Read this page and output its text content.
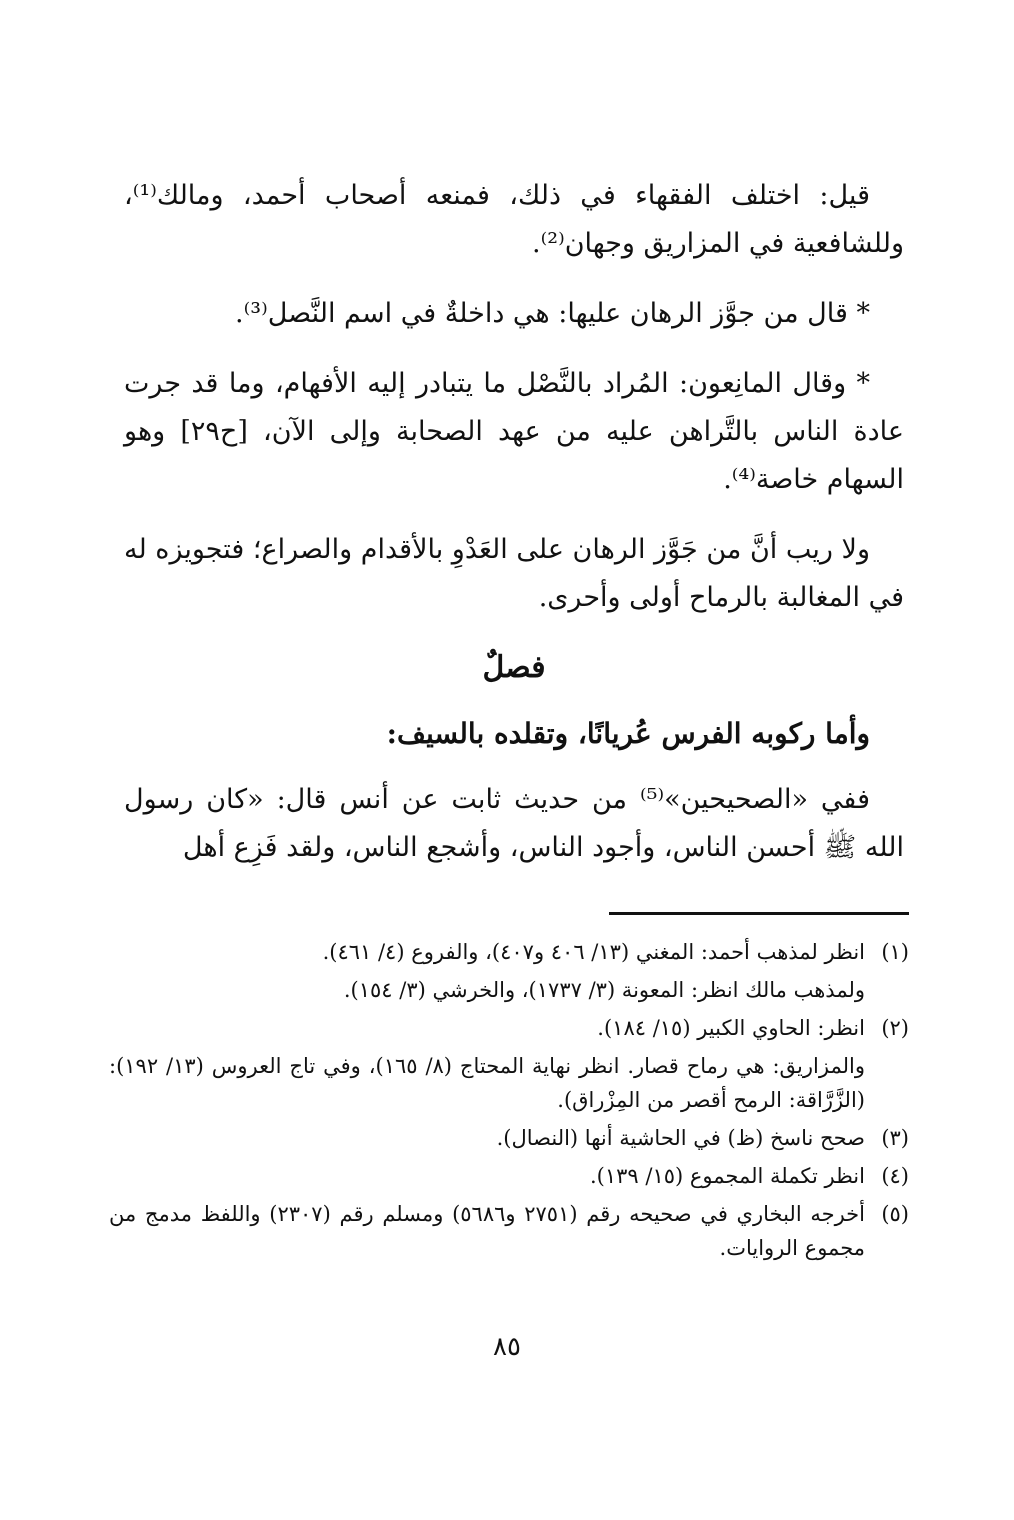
قيل: اختلف الفقهاء في ذلك، فمنعه أصحاب أحمد، ومالك⁽¹⁾، وللشافعية في المزاريق وجهان⁽²⁾.

* قال من جوَّز الرهان عليها: هي داخلةٌ في اسم النَّصل⁽³⁾.

* وقال المانِعون: المُراد بالنَّصْل ما يتبادر إليه الأفهام، وما قد جرت عادة الناس بالتَّراهن عليه من عهد الصحابة وإلى الآن، [ح٢٩] وهو السهام خاصة⁽⁴⁾.

ولا ريب أنَّ من جَوَّز الرهان على العَدْوِ بالأقدام والصراع؛ فتجويزه له في المغالبة بالرماح أولى وأحرى.

فصلٌ
وأما ركوبه الفرس عُريانًا، وتقلده بالسيف:

ففي «الصحيحين»⁽⁵⁾ من حديث ثابت عن أنس قال: «كان رسول الله ﷺ أحسن الناس، وأجود الناس، وأشجع الناس، ولقد فَزِع أهل

(١)
انظر لمذهب أحمد: المغني (١٣/ ٤٠٦ و٤٠٧)، والفروع (٤/ ٤٦١).
ولمذهب مالك انظر: المعونة (٣/ ١٧٣٧)، والخرشي (٣/ ١٥٤).
(٢)
انظر: الحاوي الكبير (١٥/ ١٨٤).
والمزاريق: هي رماح قصار. انظر نهاية المحتاج (٨/ ١٦٥)، وفي تاج العروس (١٣/ ١٩٢): (الزَّرَّاقة: الرمح أقصر من المِزْراق).
(٣)
صحح ناسخ (ظ) في الحاشية أنها (النصال).
(٤)
انظر تكملة المجموع (١٥/ ١٣٩).
(٥)
أخرجه البخاري في صحيحه رقم (٢٧٥١ و٥٦٨٦) ومسلم رقم (٢٣٠٧) واللفظ مدمج من مجموع الروايات.
٨٥
